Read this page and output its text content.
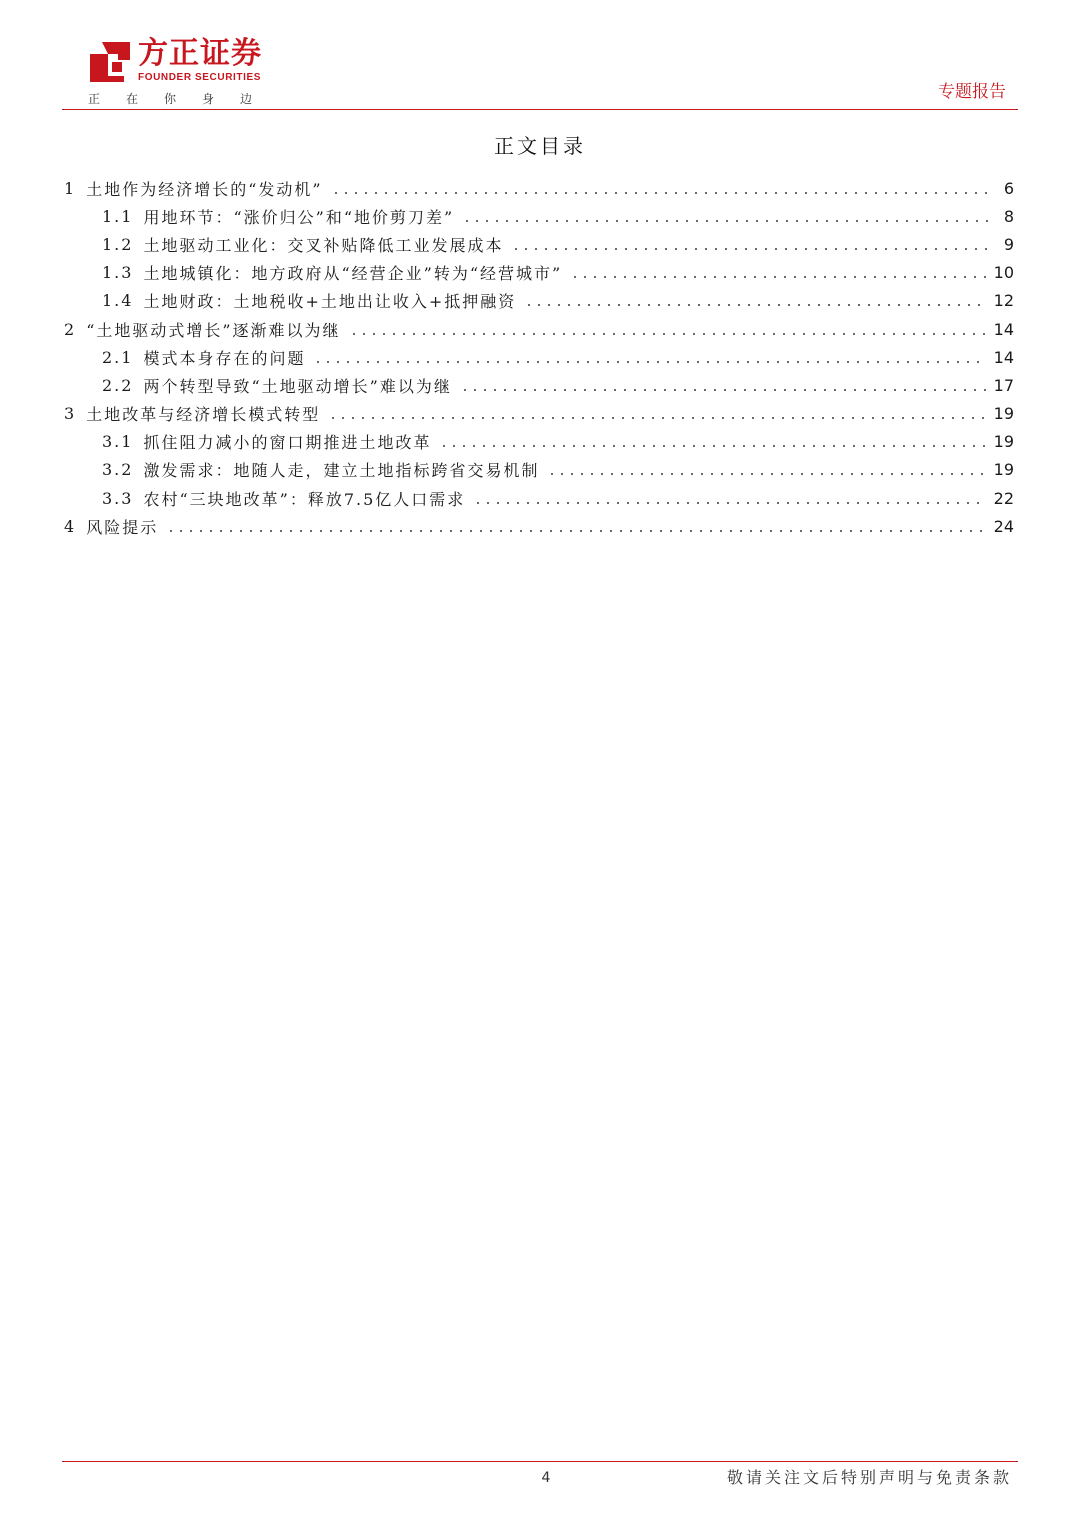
方正证券
FOUNDER SECURITIES
正在你身边	专题报告
正文目录
1 土地作为经济增长的“发动机”	6
1.1 用地环节：“涨价归公”和“地价剪刀差”	8
1.2 土地驱动工业化：交叉补贴降低工业发展成本	9
1.3 土地城镇化：地方政府从“经营企业”转为“经营城市”	10
1.4 土地财政：土地税收+土地出让收入+抵押融资	12
2 “土地驱动式增长”逐渐难以为继	14
2.1 模式本身存在的问题	14
2.2 两个转型导致“土地驱动增长”难以为继	17
3 土地改革与经济增长模式转型	19
3.1 抓住阻力减小的窗口期推进土地改革	19
3.2 激发需求：地随人走，建立土地指标跨省交易机制	19
3.3 农村“三块地改革”：释放7.5亿人口需求	22
4 风险提示	24
4	敬请关注文后特别声明与免责条款
